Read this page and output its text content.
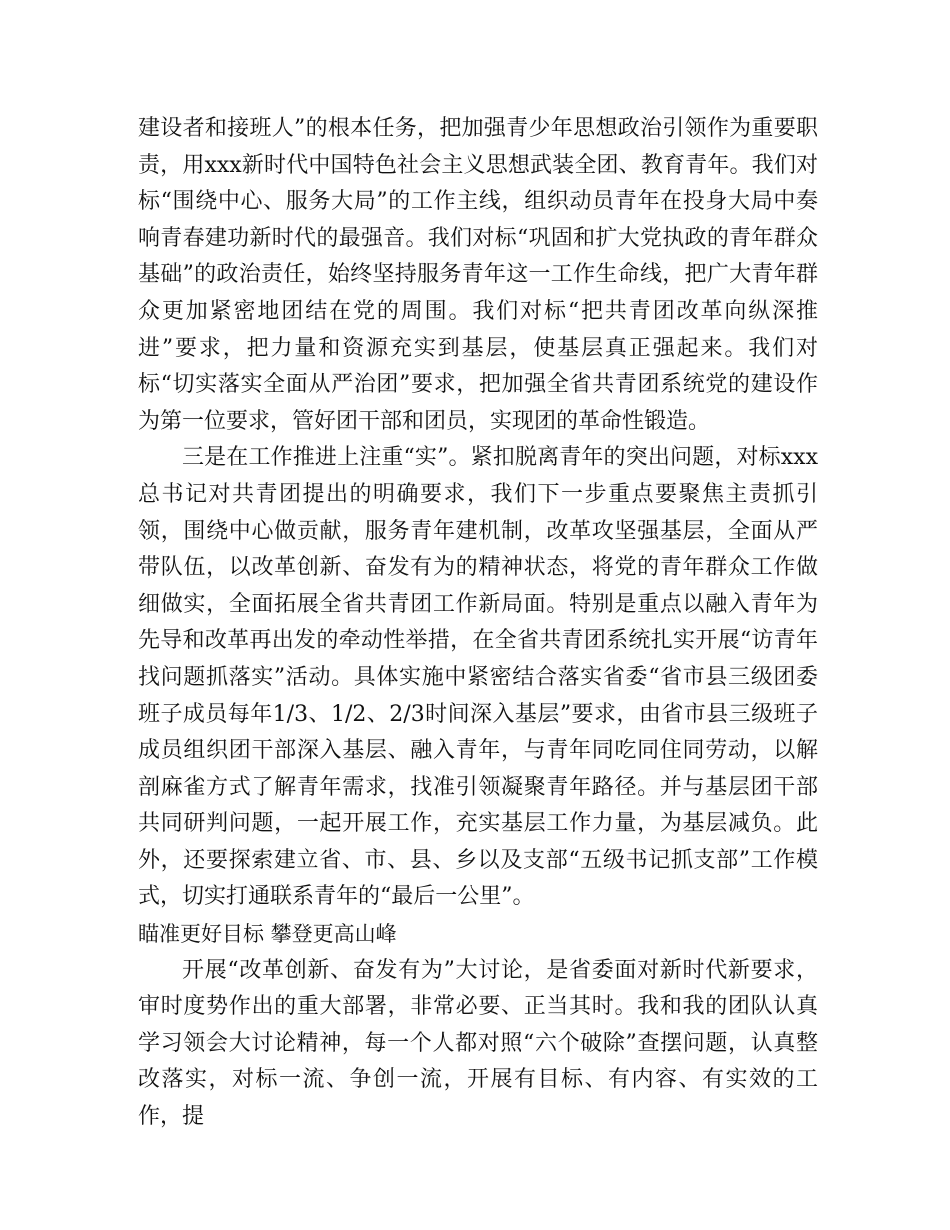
建设者和接班人”的根本任务，把加强青少年思想政治引领作为重要职责，用xxx新时代中国特色社会主义思想武装全团、教育青年。我们对标“围绕中心、服务大局”的工作主线，组织动员青年在投身大局中奏响青春建功新时代的最强音。我们对标“巩固和扩大党执政的青年群众基础”的政治责任，始终坚持服务青年这一工作生命线，把广大青年群众更加紧密地团结在党的周围。我们对标“把共青团改革向纵深推进”要求，把力量和资源充实到基层，使基层真正强起来。我们对标“切实落实全面从严治团”要求，把加强全省共青团系统党的建设作为第一位要求，管好团干部和团员，实现团的革命性锻造。

三是在工作推进上注重“实”。紧扣脱离青年的突出问题，对标xxx总书记对共青团提出的明确要求，我们下一步重点要聚焦主责抓引领，围绕中心做贡献，服务青年建机制，改革攻坚强基层，全面从严带队伍，以改革创新、奋发有为的精神状态，将党的青年群众工作做细做实，全面拓展全省共青团工作新局面。特别是重点以融入青年为先导和改革再出发的牵动性举措，在全省共青团系统扎实开展“访青年找问题抓落实”活动。具体实施中紧密结合落实省委“省市县三级团委班子成员每年1/3、1/2、2/3时间深入基层”要求，由省市县三级班子成员组织团干部深入基层、融入青年，与青年同吃同住同劳动，以解剖麻雀方式了解青年需求，找准引领凝聚青年路径。并与基层团干部共同研判问题，一起开展工作，充实基层工作力量，为基层减负。此外，还要探索建立省、市、县、乡以及支部“五级书记抓支部”工作模式，切实打通联系青年的“最后一公里”。

瞄准更好目标 攀登更高山峰

开展“改革创新、奋发有为”大讨论，是省委面对新时代新要求，审时度势作出的重大部署，非常必要、正当其时。我和我的团队认真学习领会大讨论精神，每一个人都对照“六个破除”查摆问题，认真整改落实，对标一流、争创一流，开展有目标、有内容、有实效的工作，提
